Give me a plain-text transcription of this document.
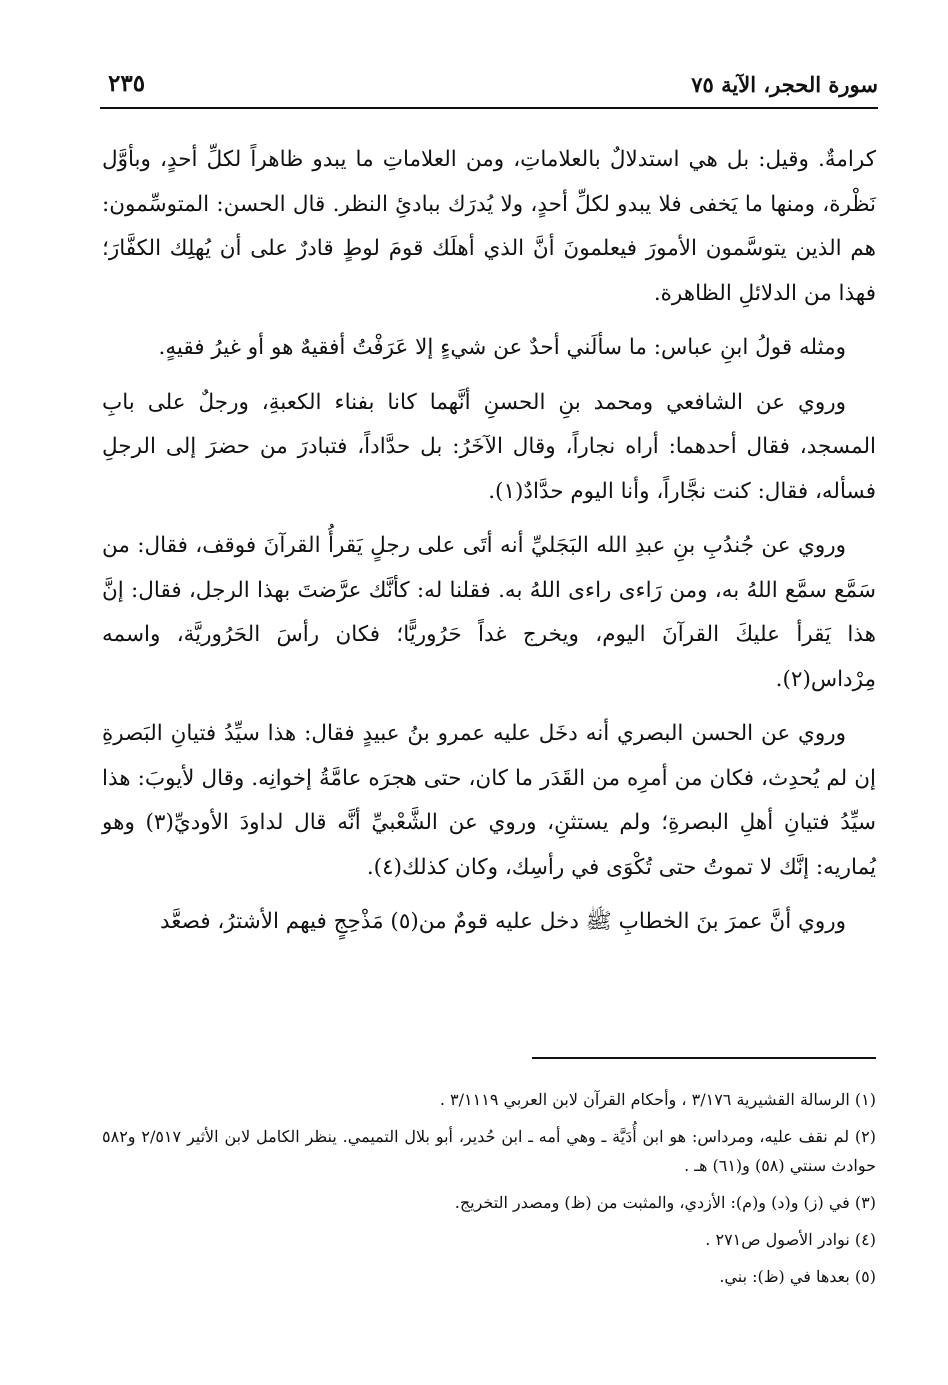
سورة الحجر، الآية ٧٥
٢٣٥

كرامةٌ. وقيل: بل هي استدلالٌ بالعلاماتِ، ومن العلاماتِ ما يبدو ظاهراً لكلِّ أحدٍ، وبأوَّل نَظْرة، ومنها ما يَخفى فلا يبدو لكلِّ أحدٍ، ولا يُدرَك ببادئِ النظر. قال الحسن: المتوسِّمون: هم الذين يتوسَّمون الأمورَ فيعلمونَ أنَّ الذي أهلَك قومَ لوطٍ قادرٌ على أن يُهلِك الكفَّارَ؛ فهذا من الدلائلِ الظاهرة.

ومثله قولُ ابنِ عباس: ما سألَني أحدٌ عن شيءٍ إلا عَرَفْتُ أفقيهٌ هو أو غيرُ فقيهٍ.

وروي عن الشافعي ومحمد بنِ الحسنِ أنَّهما كانا بفناء الكعبةِ، ورجلٌ على بابِ المسجد، فقال أحدهما: أراه نجاراً، وقال الآخَرُ: بل حدَّاداً، فتبادرَ من حضرَ إلى الرجلِ فسأله، فقال: كنت نجَّاراً، وأنا اليوم حدَّادٌ(١).

وروي عن جُندُبِ بنِ عبدِ الله البَجَليِّ أنه أتَى على رجلٍ يَقرأُ القرآنَ فوقف، فقال: من سَمَّع سمَّع اللهُ به، ومن رَاءى راءى اللهُ به. فقلنا له: كأنَّك عرَّضتَ بهذا الرجل، فقال: إنَّ هذا يَقرأ عليكَ القرآنَ اليوم، ويخرج غداً حَرُوريًّا؛ فكان رأسَ الحَرُوريَّة، واسمه مِرْداس(٢).

وروي عن الحسن البصري أنه دخَل عليه عمرو بنُ عبيدٍ فقال: هذا سيِّدُ فتيانِ البَصرةِ إن لم يُحدِث، فكان من أمرِه من القَدَر ما كان، حتى هجرَه عامَّةُ إخوانِه. وقال لأيوبَ: هذا سيِّدُ فتيانِ أهلِ البصرةِ؛ ولم يستثنِ، وروي عن الشَّعْبيِّ أنَّه قال لداودَ الأوديِّ(٣) وهو يُماريه: إنَّك لا تموتُ حتى تُكْوَى في رأسِك، وكان كذلك(٤).

وروي أنَّ عمرَ بنَ الخطابِ ﷺ دخل عليه قومٌ من(٥) مَذْحِجٍ فيهم الأشترُ، فصعَّد

(١) الرسالة القشيرية ٣/١٧٦ ، وأحكام القرآن لابن العربي ٣/١١١٩ .

(٢) لم نقف عليه، ومرداس: هو ابن أُدَيَّة ـ وهي أمه ـ ابن حُدير، أبو بلال التميمي. ينظر الكامل لابن الأثير ٢/٥١٧ و٥٨٢ حوادث سنتي (٥٨) و(٦١) هـ .

(٣) في (ز) و(د) و(م): الأزدي، والمثبت من (ظ) ومصدر التخريج.

(٤) نوادر الأصول ص٢٧١ .

(٥) بعدها في (ظ): بني.
